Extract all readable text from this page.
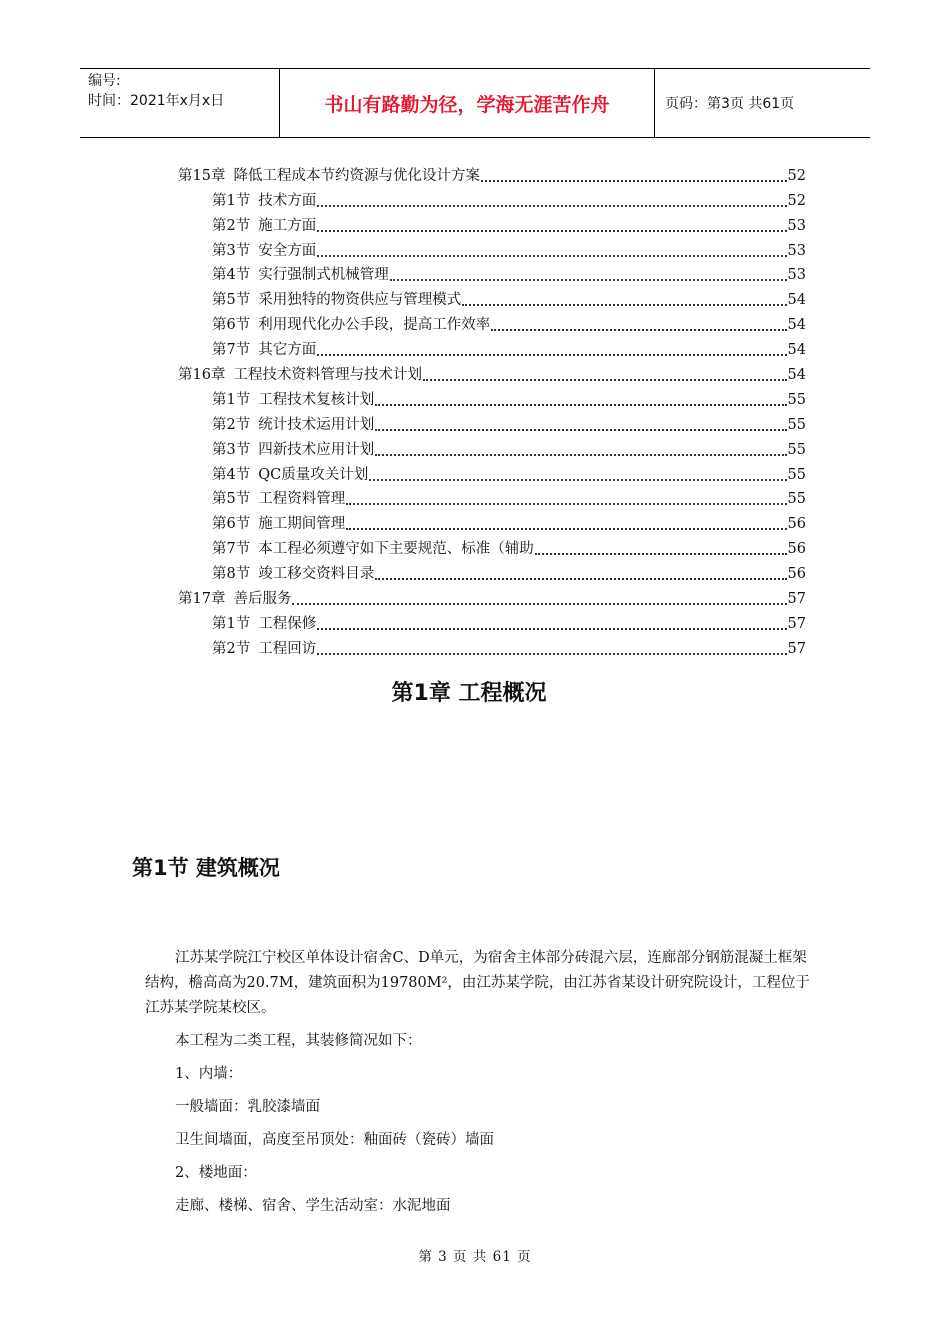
编号:
时间：2021年x月x日	书山有路勤为径，学海无涯苦作舟	页码：第3页 共61页
第15章 降低工程成本节约资源与优化设计方案	52
第1节 技术方面	52
第2节 施工方面	53
第3节 安全方面	53
第4节 实行强制式机械管理	53
第5节 采用独特的物资供应与管理模式	54
第6节 利用现代化办公手段，提高工作效率	54
第7节 其它方面	54
第16章 工程技术资料管理与技术计划	54
第1节 工程技术复核计划	55
第2节 统计技术运用计划	55
第3节 四新技术应用计划	55
第4节 QC质量攻关计划	55
第5节 工程资料管理	55
第6节 施工期间管理	56
第7节 本工程必须遵守如下主要规范、标准（辅助	56
第8节 竣工移交资料目录	56
第17章 善后服务	57
第1节 工程保修	57
第2节 工程回访	57
第1章 工程概况
第1节 建筑概况

江苏某学院江宁校区单体设计宿舍C、D单元，为宿舍主体部分砖混六层，连廊部分钢筋混凝土框架结构，檐高高为20.7M，建筑面积为19780M²，由江苏某学院，由江苏省某设计研究院设计，工程位于江苏某学院某校区。

本工程为二类工程，其装修简况如下：

1、内墙：

一般墙面：乳胶漆墙面

卫生间墙面，高度至吊顶处：釉面砖（瓷砖）墙面

2、楼地面：

走廊、楼梯、宿舍、学生活动室：水泥地面

第 3 页 共 61 页
